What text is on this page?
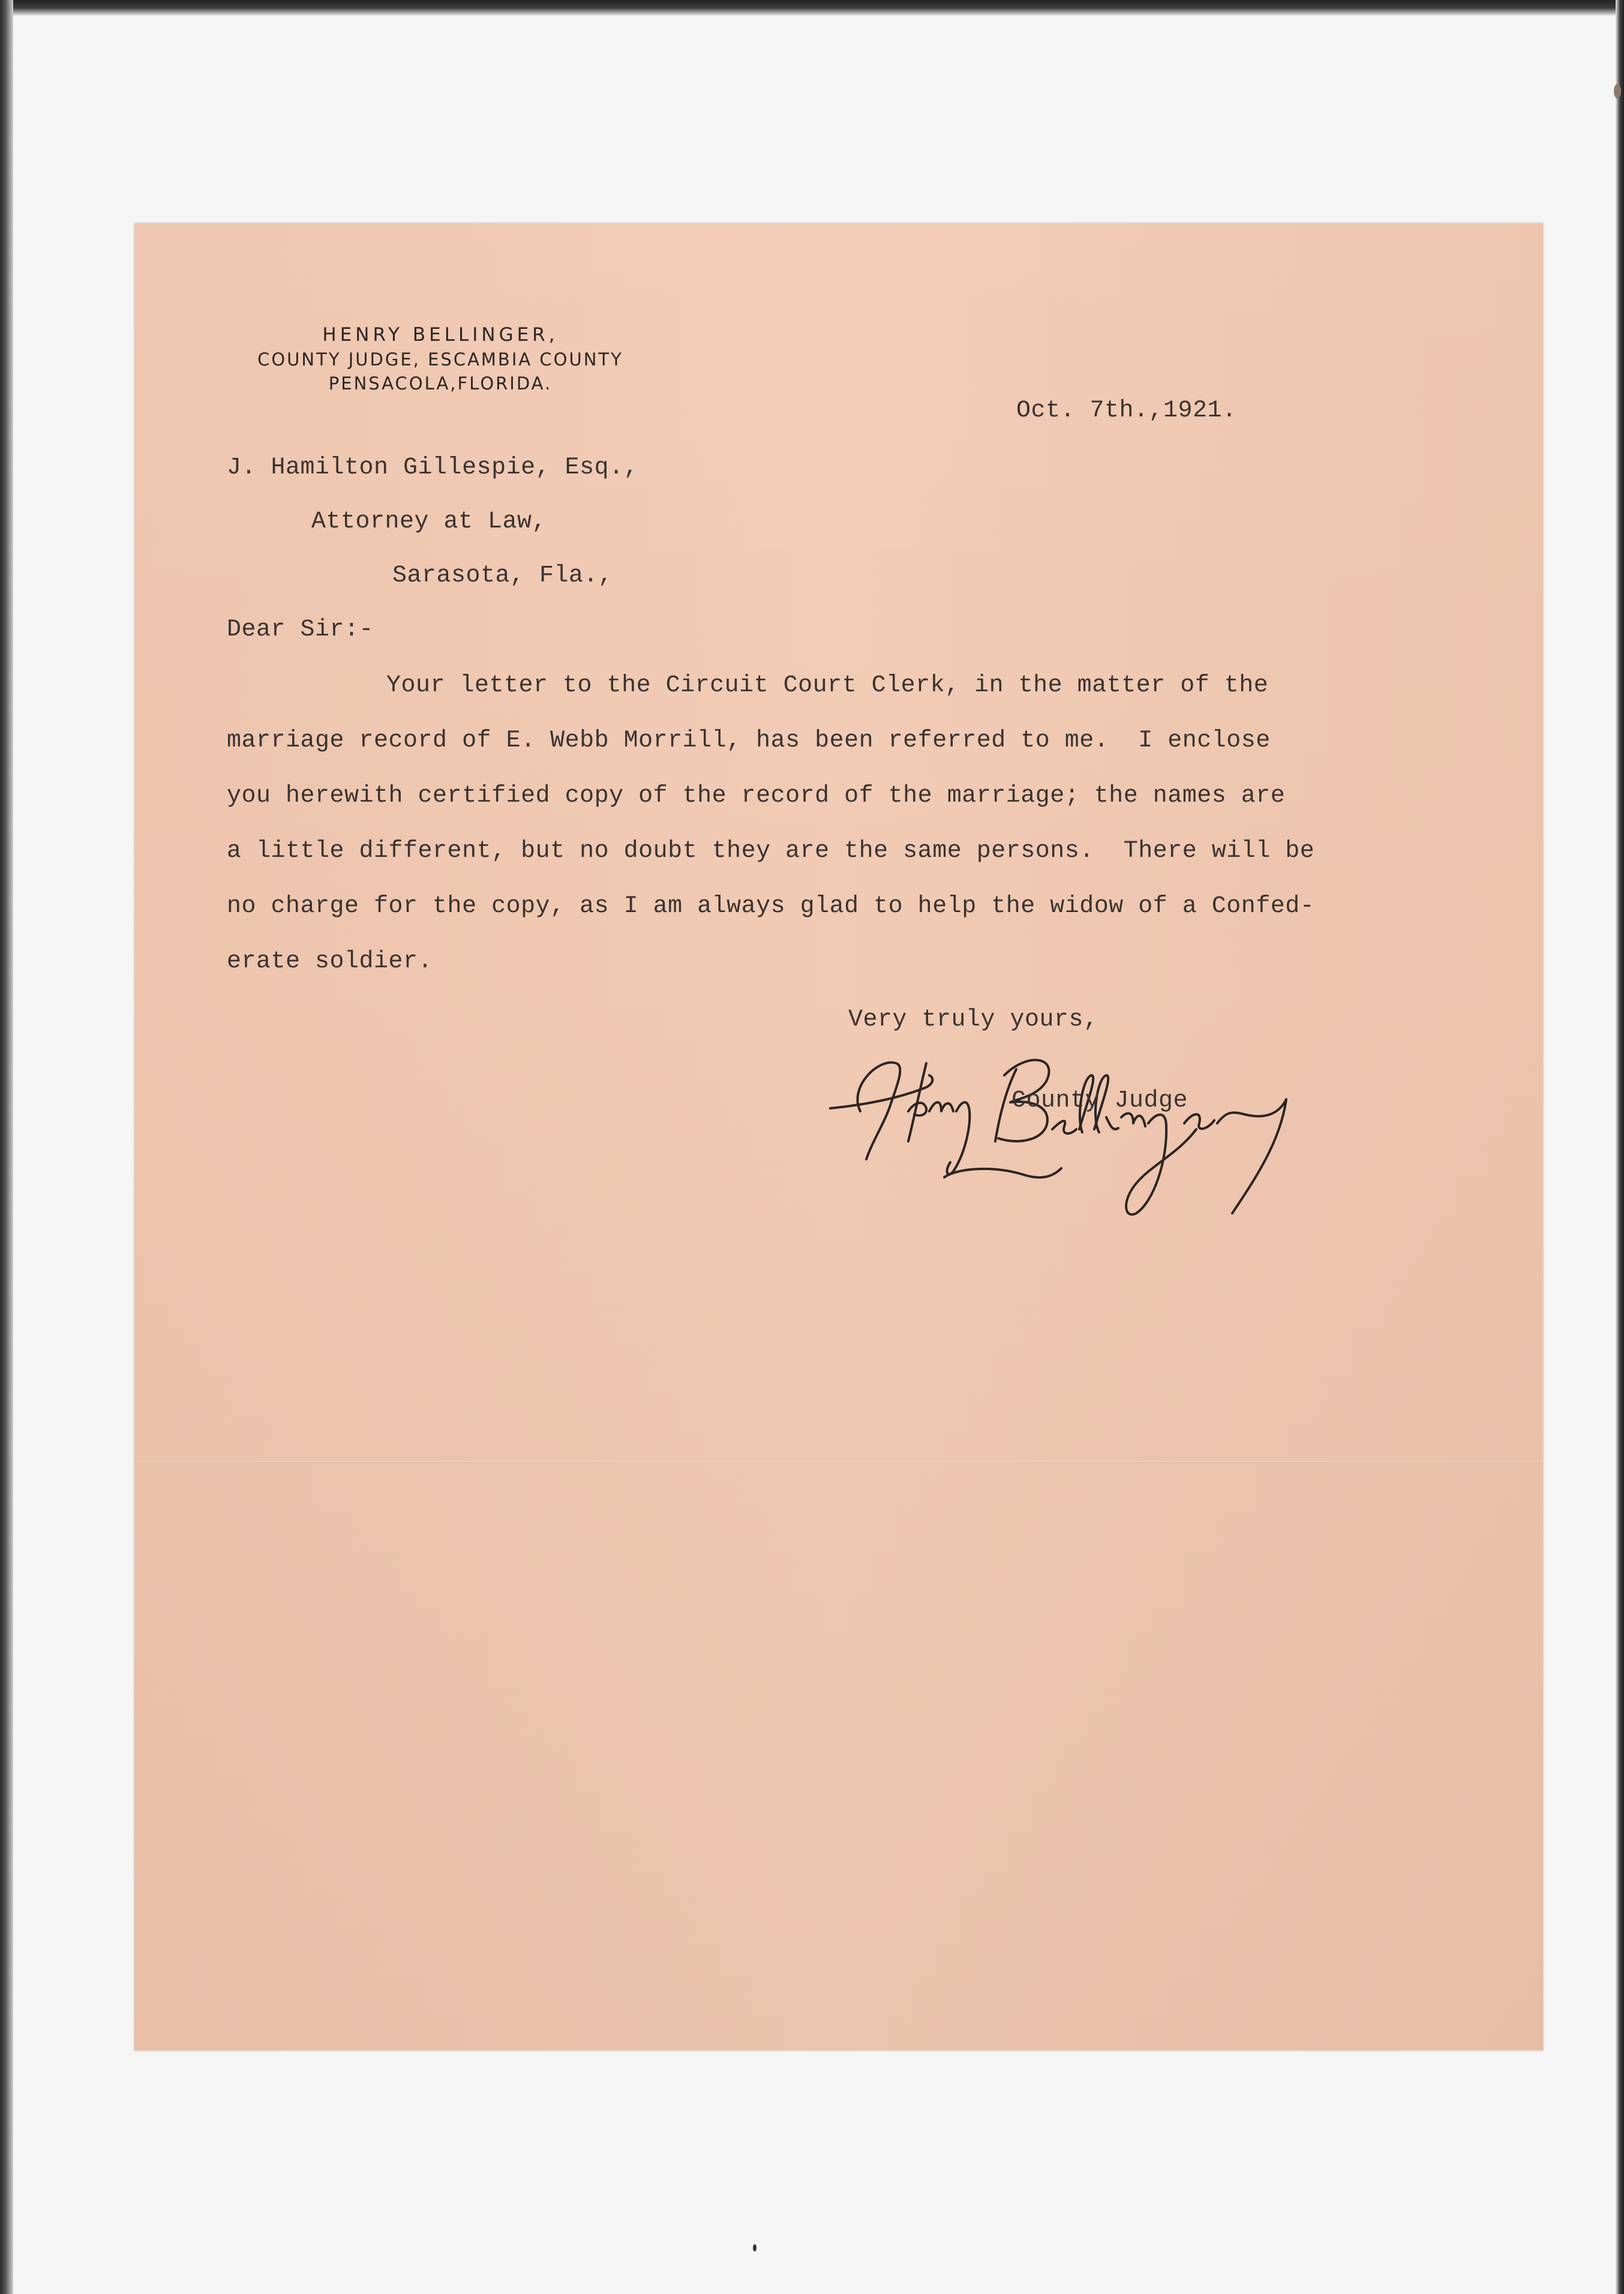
HENRY BELLINGER,
COUNTY JUDGE, ESCAMBIA COUNTY
PENSACOLA,FLORIDA.
Oct. 7th.,1921.
J. Hamilton Gillespie, Esq.,
Attorney at Law,
Sarasota, Fla.,
Dear Sir:-
Your letter to the Circuit Court Clerk, in the matter of the
marriage record of E. Webb Morrill, has been referred to me.  I enclose
you herewith certified copy of the record of the marriage; the names are
a little different, but no doubt they are the same persons.  There will be
no charge for the copy, as I am always glad to help the widow of a Confed-
erate soldier.
Very truly yours,
County Judge
